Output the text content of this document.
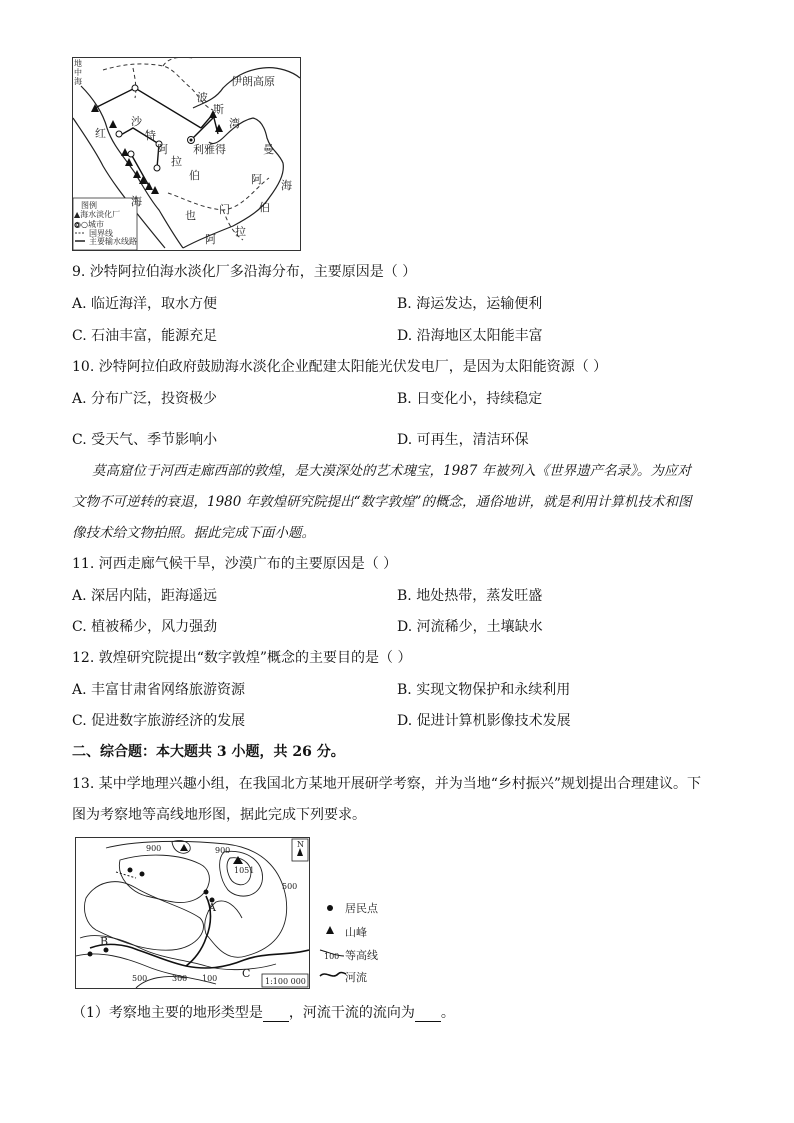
地中海	伊朗高原
红
海
沙
特
阿
拉
伯
波
斯
湾
利雅得	曼
阿
拉
伯
海
也 门
阿
图例
▲海水淡化厂
◎○城市
国界线
主要输水线路
9. 沙特阿拉伯海水淡化厂多沿海分布，主要原因是（ ）
A. 临近海洋，取水方便	B. 海运发达，运输便利
C. 石油丰富，能源充足	D. 沿海地区太阳能丰富
10. 沙特阿拉伯政府鼓励海水淡化企业配建太阳能光伏发电厂，是因为太阳能资源（ ）
A. 分布广泛，投资极少	B. 日变化小，持续稳定
C. 受天气、季节影响小	D. 可再生，清洁环保
莫高窟位于河西走廊西部的敦煌，是大漠深处的艺术瑰宝，1987 年被列入《世界遗产名录》。为应对
文物不可逆转的衰退，1980 年敦煌研究院提出“数字敦煌”的概念，通俗地讲，就是利用计算机技术和图
像技术给文物拍照。据此完成下面小题。
11. 河西走廊气候干旱，沙漠广布的主要原因是（ ）
A. 深居内陆，距海遥远	B. 地处热带，蒸发旺盛
C. 植被稀少，风力强劲	D. 河流稀少，土壤缺水
12. 敦煌研究院提出“数字敦煌”概念的主要目的是（ ）
A. 丰富甘肃省网络旅游资源	B. 实现文物保护和永续利用
C. 促进数字旅游经济的发展	D. 促进计算机影像技术发展
二、综合题：本大题共 3 小题，共 26 分。
13. 某中学地理兴趣小组，在我国北方某地开展研学考察，并为当地“乡村振兴”规划提出合理建议。下
图为考察地等高线地形图，据此完成下列要求。
900	900
1051
500
500	300 100
A
B
C
N
1:100 000
居民点
山峰
100 等高线
河流
（1）考察地主要的地形类型是 ，河流干流的流向为 。
